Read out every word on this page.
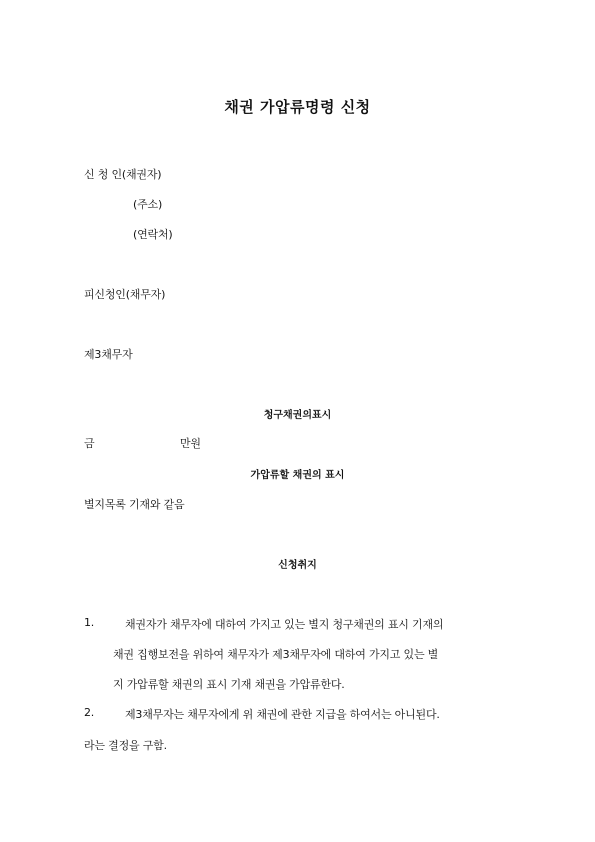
채권 가압류명령 신청
신 청 인(채권자)
(주소)
(연락처)
피신청인(채무자)
제3채무자
청구채권의표시
금	만원
가압류할 채권의 표시
별지목록 기재와 같음
신청취지
1.	채권자가 채무자에 대하여 가지고 있는 별지 청구채권의 표시 기재의
채권 집행보전을 위하여 채무자가 제3채무자에 대하여 가지고 있는 별
지 가압류할 채권의 표시 기재 채권을 가압류한다.
2.	제3채무자는 채무자에게 위 채권에 관한 지급을 하여서는 아니된다.
라는 결정을 구함.
